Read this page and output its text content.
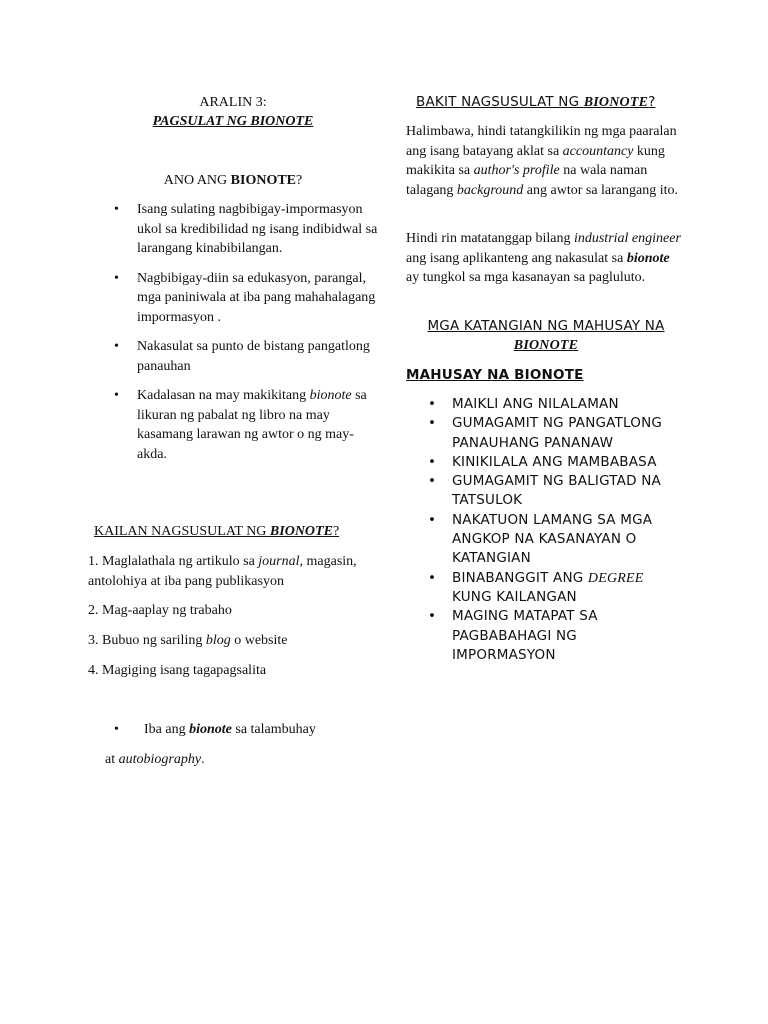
ARALIN 3:
PAGSULAT NG BIONOTE
ANO ANG BIONOTE?
• Isang sulating nagbibigay-impormasyon ukol sa kredibilidad ng isang indibidwal sa larangang kinabibilangan.
• Nagbibigay-diin sa edukasyon, parangal, mga paniniwala at iba pang mahahalagang impormasyon .
• Nakasulat sa punto de bistang pangatlong panauhan
• Kadalasan na may makikitang bionote sa likuran ng pabalat ng libro na may kasamang larawan ng awtor o ng may-akda.
KAILAN NAGSUSULAT NG BIONOTE?

1. Maglalathala ng artikulo sa journal, magasin, antolohiya at iba pang publikasyon

2. Mag-aaplay ng trabaho

3. Bubuo ng sariling blog o website

4. Magiging isang tagapagsalita

• Iba ang bionote sa talambuhay
at autobiography.
BAKIT NAGSUSULAT NG BIONOTE?

Halimbawa, hindi tatangkilikin ng mga paaralan ang isang batayang aklat sa accountancy kung makikita sa author's profile na wala naman talagang background ang awtor sa larangang ito.

Hindi rin matatanggap bilang industrial engineer ang isang aplikanteng ang nakasulat sa bionote ay tungkol sa mga kasanayan sa pagluluto.

MGA KATANGIAN NG MAHUSAY NA
BIONOTE
MAHUSAY NA BIONOTE
• MAIKLI ANG NILALAMAN
• GUMAGAMIT NG PANGATLONG PANAUHANG PANANAW
• KINIKILALA ANG MAMBABASA
• GUMAGAMIT NG BALIGTAD NA TATSULOK
• NAKATUON LAMANG SA MGA ANGKOP NA KASANAYAN O KATANGIAN
• BINABANGGIT ANG DEGREE KUNG KAILANGAN
• MAGING MATAPAT SA PAGBABAHAGI NG IMPORMASYON
